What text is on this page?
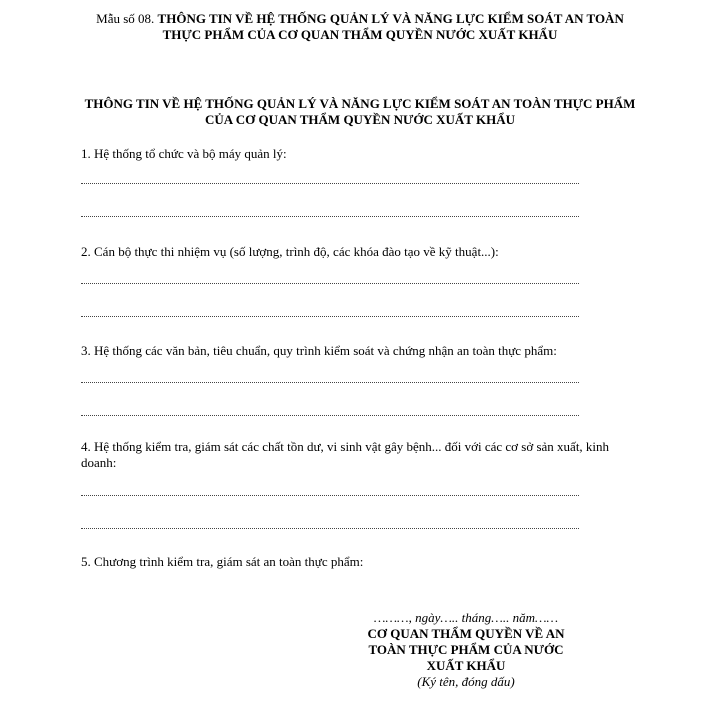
Mẫu số 08. THÔNG TIN VỀ HỆ THỐNG QUẢN LÝ VÀ NĂNG LỰC KIỂM SOÁT AN TOÀN THỰC PHẨM CỦA CƠ QUAN THẨM QUYỀN NƯỚC XUẤT KHẨU
THÔNG TIN VỀ HỆ THỐNG QUẢN LÝ VÀ NĂNG LỰC KIỂM SOÁT AN TOÀN THỰC PHẨM CỦA CƠ QUAN THẨM QUYỀN NƯỚC XUẤT KHẨU
1. Hệ thống tổ chức và bộ máy quản lý:
2. Cán bộ thực thi nhiệm vụ (số lượng, trình độ, các khóa đào tạo về kỹ thuật...):
3. Hệ thống các văn bản, tiêu chuẩn, quy trình kiểm soát và chứng nhận an toàn thực phẩm:
4. Hệ thống kiểm tra, giám sát các chất tồn dư, vi sinh vật gây bệnh... đối với các cơ sở sản xuất, kinh doanh:
5. Chương trình kiểm tra, giám sát an toàn thực phẩm:
………, ngày….. tháng….. năm……
CƠ QUAN THẨM QUYỀN VỀ AN TOÀN THỰC PHẨM CỦA NƯỚC XUẤT KHẨU
(Ký tên, đóng dấu)
